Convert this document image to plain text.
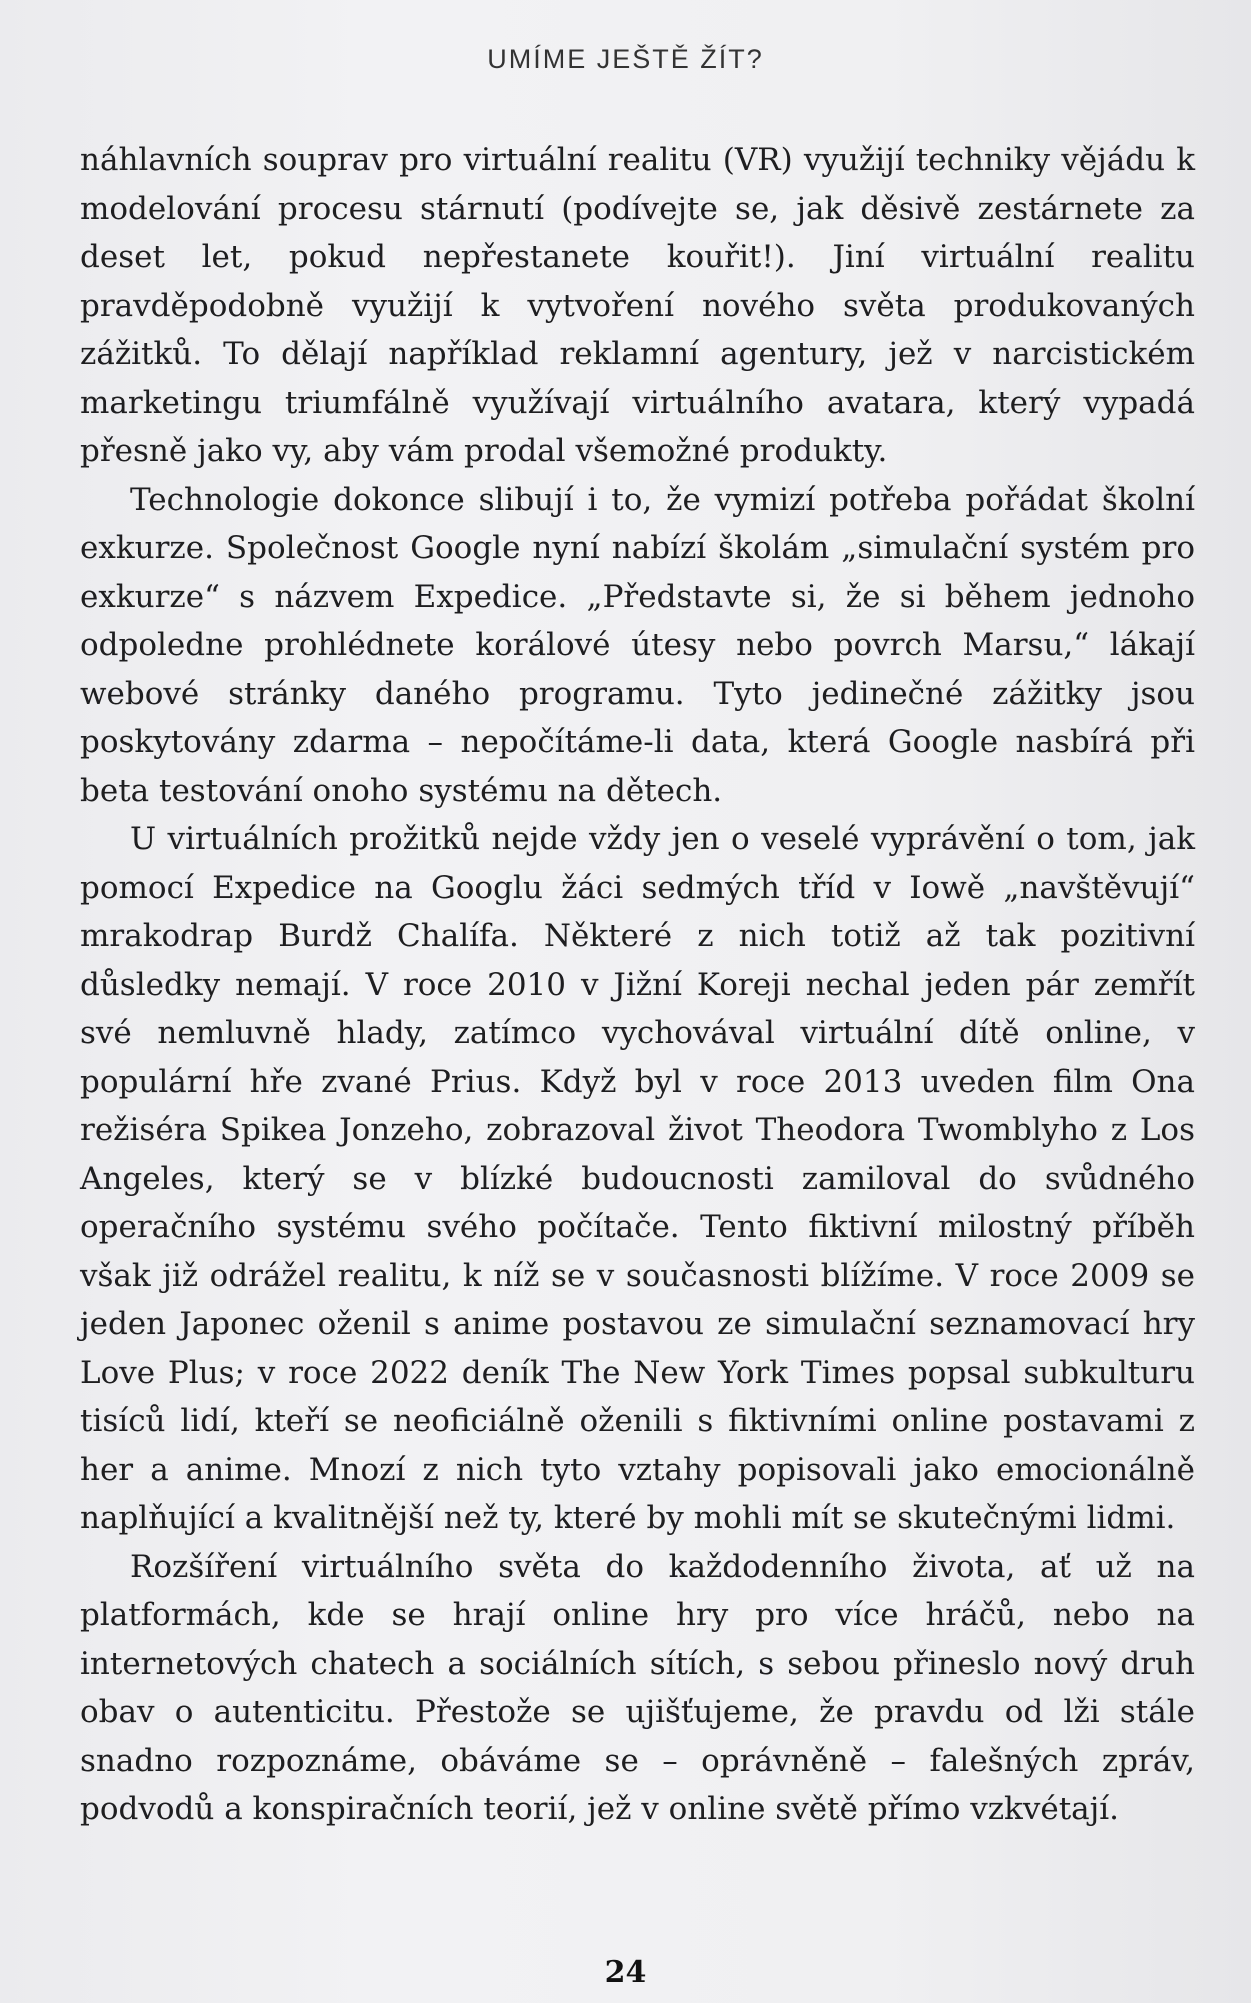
UMÍME JEŠTĚ ŽÍT?

náhlavních souprav pro virtuální realitu (VR) využijí techniky vějádu k modelování procesu stárnutí (podívejte se, jak děsivě zestárnete za deset let, pokud nepřestanete kouřit!). Jiní virtuální realitu pravděpodobně využijí k vytvoření nového světa produkovaných zážitků. To dělají například reklamní agentury, jež v narcistickém marketingu triumfálně využívají virtuálního avatara, který vypadá přesně jako vy, aby vám prodal všemožné produkty.

Technologie dokonce slibují i to, že vymizí potřeba pořádat školní exkurze. Společnost Google nyní nabízí školám „simulační systém pro exkurze“ s názvem Expedice. „Představte si, že si během jednoho odpoledne prohlédnete korálové útesy nebo povrch Marsu,“ lákají webové stránky daného programu. Tyto jedinečné zážitky jsou poskytovány zdarma – nepočítáme-li data, která Google nasbírá při beta testování onoho systému na dětech.

U virtuálních prožitků nejde vždy jen o veselé vyprávění o tom, jak pomocí Expedice na Googlu žáci sedmých tříd v Iowě „navštěvují“ mrakodrap Burdž Chalífa. Některé z nich totiž až tak pozitivní důsledky nemají. V roce 2010 v Jižní Koreji nechal jeden pár zemřít své nemluvně hlady, zatímco vychovával virtuální dítě online, v populární hře zvané Prius. Když byl v roce 2013 uveden film Ona režiséra Spikea Jonzeho, zobrazoval život Theodora Twomblyho z Los Angeles, který se v blízké budoucnosti zamiloval do svůdného operačního systému svého počítače. Tento fiktivní milostný příběh však již odrážel realitu, k níž se v současnosti blížíme. V roce 2009 se jeden Japonec oženil s anime postavou ze simulační seznamovací hry Love Plus; v roce 2022 deník The New York Times popsal subkulturu tisíců lidí, kteří se neoficiálně oženili s fiktivními online postavami z her a anime. Mnozí z nich tyto vztahy popisovali jako emocionálně naplňující a kvalitnější než ty, které by mohli mít se skutečnými lidmi.

Rozšíření virtuálního světa do každodenního života, ať už na platformách, kde se hrají online hry pro více hráčů, nebo na internetových chatech a sociálních sítích, s sebou přineslo nový druh obav o autenticitu. Přestože se ujišťujeme, že pravdu od lži stále snadno rozpoznáme, obáváme se – oprávněně – falešných zpráv, podvodů a konspiračních teorií, jež v online světě přímo vzkvétají.

24
